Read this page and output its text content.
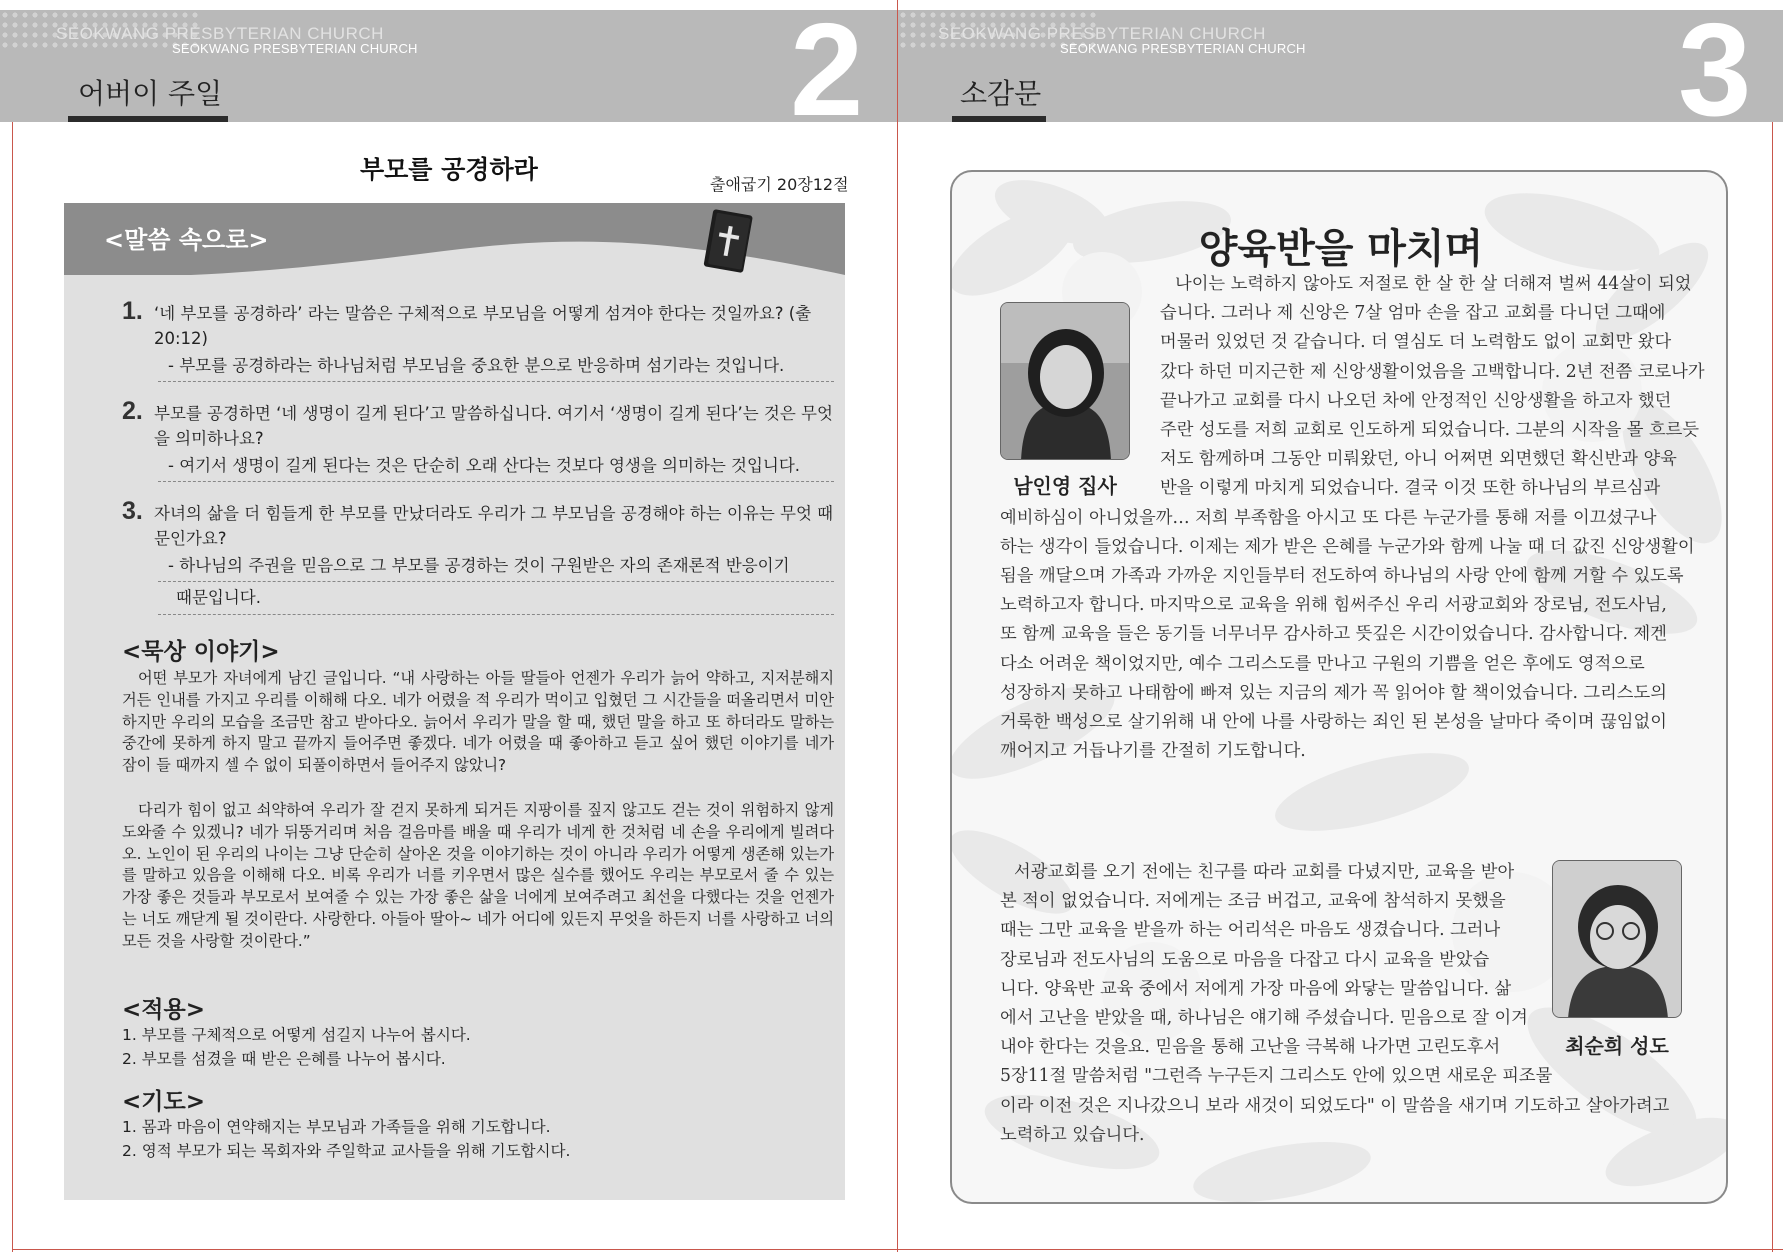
SEOKWANG PRESBYTERIAN CHURCH
SEOKWANG PRESBYTERIAN CHURCH
어버이 주일	2
부모를 공경하라
출애굽기 20장12절
<말씀 속으로>
1. ‘네 부모를 공경하라’ 라는 말씀은 구체적으로 부모님을 어떻게 섬겨야 한다는 것일까요? (출20:12)
- 부모를 공경하라는 하나님처럼 부모님을 중요한 분으로 반응하며 섬기라는 것입니다.
2. 부모를 공경하면 ‘네 생명이 길게 된다’고 말씀하십니다. 여기서 ‘생명이 길게 된다’는 것은 무엇을 의미하나요?
- 여기서 생명이 길게 된다는 것은 단순히 오래 산다는 것보다 영생을 의미하는 것입니다.
3. 자녀의 삶을 더 힘들게 한 부모를 만났더라도 우리가 그 부모님을 공경해야 하는 이유는 무엇 때문인가요?
- 하나님의 주권을 믿음으로 그 부모를 공경하는 것이 구원받은 자의 존재론적 반응이기
때문입니다.
<묵상 이야기>
어떤 부모가 자녀에게 남긴 글입니다. “내 사랑하는 아들 딸들아 언젠가 우리가 늙어 약하고, 지저분해지거든 인내를 가지고 우리를 이해해 다오. 네가 어렸을 적 우리가 먹이고 입혔던 그 시간들을 떠올리면서 미안하지만 우리의 모습을 조금만 참고 받아다오. 늙어서 우리가 말을 할 때, 했던 말을 하고 또 하더라도 말하는 중간에 못하게 하지 말고 끝까지 들어주면 좋겠다. 네가 어렸을 때 좋아하고 듣고 싶어 했던 이야기를 네가 잠이 들 때까지 셀 수 없이 되풀이하면서 들어주지 않았니?
다리가 힘이 없고 쇠약하여 우리가 잘 걷지 못하게 되거든 지팡이를 짚지 않고도 걷는 것이 위험하지 않게 도와줄 수 있겠니? 네가 뒤뚱거리며 처음 걸음마를 배울 때 우리가 네게 한 것처럼 네 손을 우리에게 빌려다오. 노인이 된 우리의 나이는 그냥 단순히 살아온 것을 이야기하는 것이 아니라 우리가 어떻게 생존해 있는가를 말하고 있음을 이해해 다오. 비록 우리가 너를 키우면서 많은 실수를 했어도 우리는 부모로서 줄 수 있는 가장 좋은 것들과 부모로서 보여줄 수 있는 가장 좋은 삶을 너에게 보여주려고 최선을 다했다는 것을 언젠가는 너도 깨닫게 될 것이란다. 사랑한다. 아들아 딸아~ 네가 어디에 있든지 무엇을 하든지 너를 사랑하고 너의 모든 것을 사랑할 것이란다.”
<적용>
1. 부모를 구체적으로 어떻게 섬길지 나누어 봅시다.
2. 부모를 섬겼을 때 받은 은혜를 나누어 봅시다.
<기도>
1. 몸과 마음이 연약해지는 부모님과 가족들을 위해 기도합니다.
2. 영적 부모가 되는 목회자와 주일학교 교사들을 위해 기도합시다.
SEOKWANG PRESBYTERIAN CHURCH
SEOKWANG PRESBYTERIAN CHURCH
소감문	3
양육반을 마치며
남인영 집사
최순희 성도
나이는 노력하지 않아도 저절로 한 살 한 살 더해져 벌써 44살이 되었
습니다. 그러나 제 신앙은 7살 엄마 손을 잡고 교회를 다니던 그때에
머물러 있었던 것 같습니다. 더 열심도 더 노력함도 없이 교회만 왔다
갔다 하던 미지근한 제 신앙생활이었음을 고백합니다. 2년 전쯤 코로나가
끝나가고 교회를 다시 나오던 차에 안정적인 신앙생활을 하고자 했던
주란 성도를 저희 교회로 인도하게 되었습니다. 그분의 시작을 몰 흐르듯
저도 함께하며 그동안 미뤄왔던, 아니 어쩌면 외면했던 확신반과 양육
반을 이렇게 마치게 되었습니다. 결국 이것 또한 하나님의 부르심과
예비하심이 아니었을까… 저희 부족함을 아시고 또 다른 누군가를 통해 저를 이끄셨구나
하는 생각이 들었습니다. 이제는 제가 받은 은혜를 누군가와 함께 나눌 때 더 값진 신앙생활이
됨을 깨달으며 가족과 가까운 지인들부터 전도하여 하나님의 사랑 안에 함께 거할 수 있도록
노력하고자 합니다. 마지막으로 교육을 위해 힘써주신 우리 서광교회와 장로님, 전도사님,
또 함께 교육을 들은 동기들 너무너무 감사하고 뜻깊은 시간이었습니다. 감사합니다. 제겐
다소 어려운 책이었지만, 예수 그리스도를 만나고 구원의 기쁨을 얻은 후에도 영적으로
성장하지 못하고 나태함에 빠져 있는 지금의 제가 꼭 읽어야 할 책이었습니다. 그리스도의
거룩한 백성으로 살기위해 내 안에 나를 사랑하는 죄인 된 본성을 날마다 죽이며 끊임없이
깨어지고 거듭나기를 간절히 기도합니다.
서광교회를 오기 전에는 친구를 따라 교회를 다녔지만, 교육을 받아
본 적이 없었습니다. 저에게는 조금 버겁고, 교육에 참석하지 못했을
때는 그만 교육을 받을까 하는 어리석은 마음도 생겼습니다. 그러나
장로님과 전도사님의 도움으로 마음을 다잡고 다시 교육을 받았습
니다. 양육반 교육 중에서 저에게 가장 마음에 와닿는 말씀입니다. 삶
에서 고난을 받았을 때, 하나님은 얘기해 주셨습니다. 믿음으로 잘 이겨
내야 한다는 것을요. 믿음을 통해 고난을 극복해 나가면 고린도후서
5장11절 말씀처럼 "그런즉 누구든지 그리스도 안에 있으면 새로운 피조물
이라 이전 것은 지나갔으니 보라 새것이 되었도다" 이 말씀을 새기며 기도하고 살아가려고
노력하고 있습니다.
